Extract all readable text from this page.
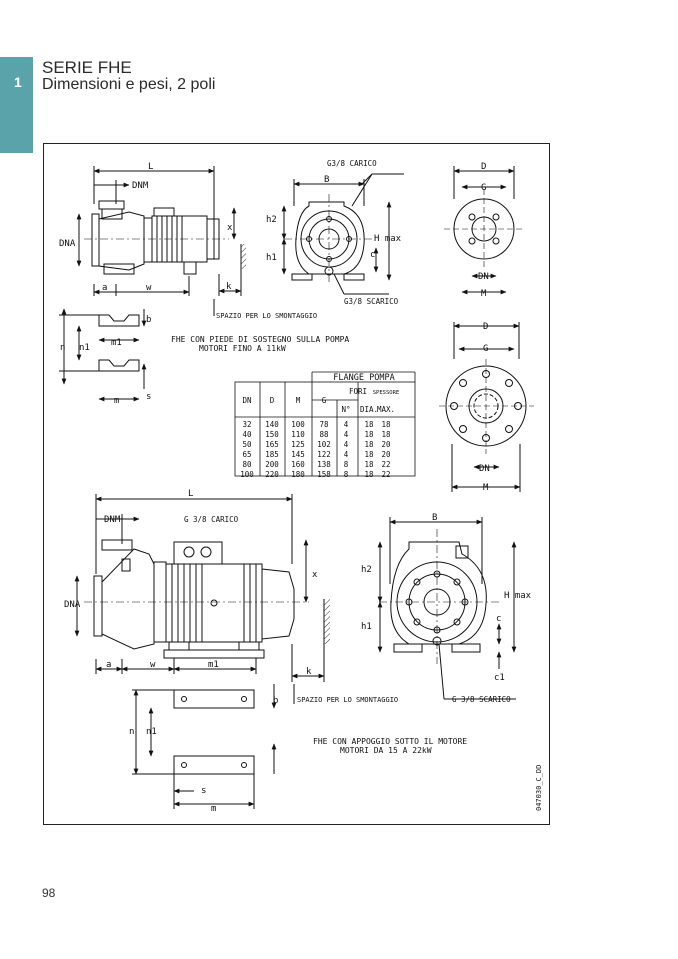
1
SERIE FHE
Dimensioni e pesi, 2 poli
L
DNM
DNA
a	w
x
k
SPAZIO PER LO SMONTAGGIO
B
G3/8 CARICO
G3/8 SCARICO
h2
h1	c
H max
D
G
DN
M
b
n n1 m1
m	s
FHE CON PIEDE DI SOSTEGNO SULLA POMPA
MOTORI FINO A 11kW
D
G
DN
M
FLANGE POMPA
DN D	M	G
FORI SPESSORE
N° DIA.
MAX.
32 140 100 78 4 18 18
40 150 110 88 4 18 18
50 165 125 102 4 18 20
65 185 145 122 4 18 20
80 200 160 138 8 18 22
100 220 180 158 8 18 22
L
DNM	G 3/8 CARICO
DNA
x
a	w	m1
k
SPAZIO PER LO SMONTAGGIO
b
n n1
s
m
B
h2
h1
H max
c
c1
G 3/8 SCARICO
FHE CON APPOGGIO SOTTO IL MOTORE
MOTORI DA 15 A 22kW
047030_C_DD
98
